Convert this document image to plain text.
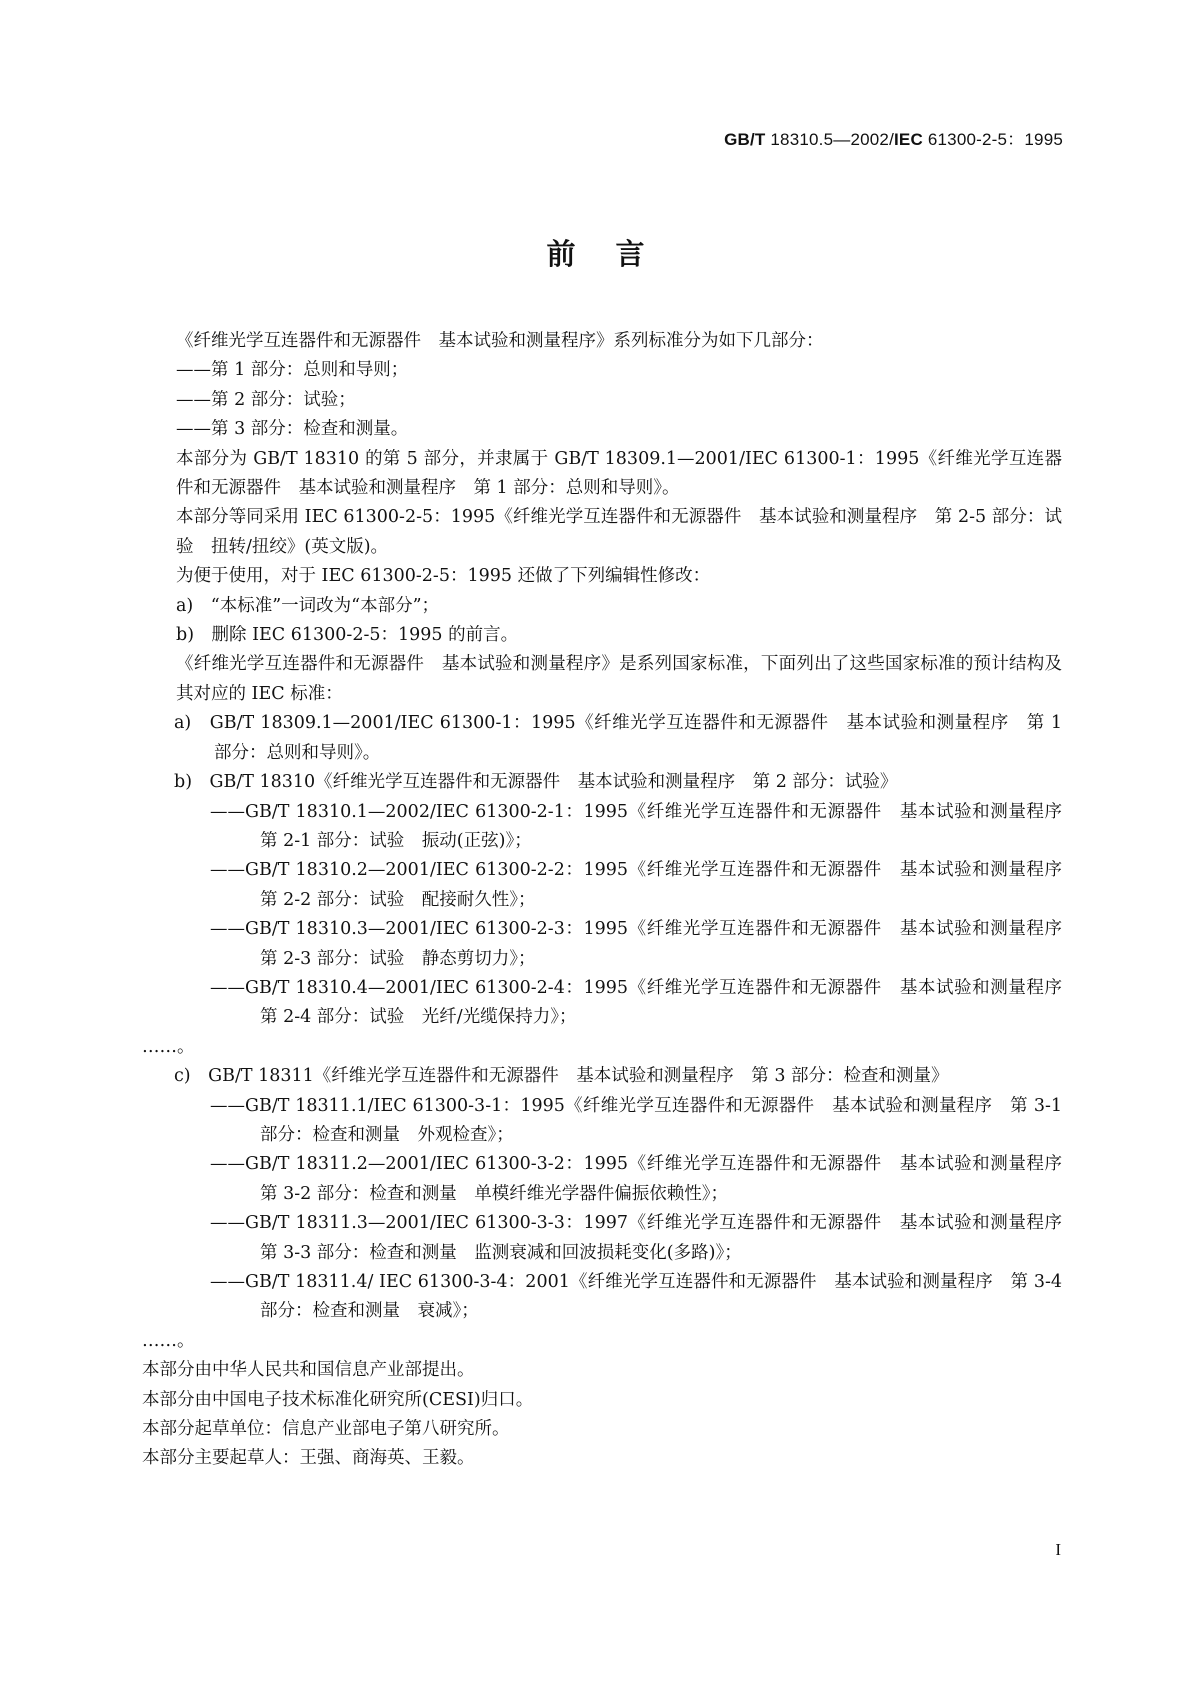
GB/T 18310.5—2002/IEC 61300-2-5：1995
前言
《纤维光学互连器件和无源器件　基本试验和测量程序》系列标准分为如下几部分：
——第 1 部分：总则和导则；
——第 2 部分：试验；
——第 3 部分：检查和测量。
本部分为 GB/T 18310 的第 5 部分，并隶属于 GB/T 18309.1—2001/IEC 61300-1：1995《纤维光学互连器件和无源器件　基本试验和测量程序　第 1 部分：总则和导则》。
本部分等同采用 IEC 61300-2-5：1995《纤维光学互连器件和无源器件　基本试验和测量程序　第 2-5 部分：试验　扭转/扭绞》(英文版)。
为便于使用，对于 IEC 61300-2-5：1995 还做了下列编辑性修改：
a)　“本标准”一词改为“本部分”；
b)　删除 IEC 61300-2-5：1995 的前言。
《纤维光学互连器件和无源器件　基本试验和测量程序》是系列国家标准，下面列出了这些国家标准的预计结构及其对应的 IEC 标准：
a)　GB/T 18309.1—2001/IEC 61300-1：1995《纤维光学互连器件和无源器件　基本试验和测量程序　第 1 部分：总则和导则》。
b)　GB/T 18310《纤维光学互连器件和无源器件　基本试验和测量程序　第 2 部分：试验》
——GB/T 18310.1—2002/IEC 61300-2-1：1995《纤维光学互连器件和无源器件　基本试验和测量程序　第 2-1 部分：试验　振动(正弦)》；
——GB/T 18310.2—2001/IEC 61300-2-2：1995《纤维光学互连器件和无源器件　基本试验和测量程序　第 2-2 部分：试验　配接耐久性》；
——GB/T 18310.3—2001/IEC 61300-2-3：1995《纤维光学互连器件和无源器件　基本试验和测量程序　第 2-3 部分：试验　静态剪切力》；
——GB/T 18310.4—2001/IEC 61300-2-4：1995《纤维光学互连器件和无源器件　基本试验和测量程序　第 2-4 部分：试验　光纤/光缆保持力》；
……。
c)　GB/T 18311《纤维光学互连器件和无源器件　基本试验和测量程序　第 3 部分：检查和测量》
——GB/T 18311.1/IEC 61300-3-1：1995《纤维光学互连器件和无源器件　基本试验和测量程序　第 3-1 部分：检查和测量　外观检查》；
——GB/T 18311.2—2001/IEC 61300-3-2：1995《纤维光学互连器件和无源器件　基本试验和测量程序　第 3-2 部分：检查和测量　单模纤维光学器件偏振依赖性》；
——GB/T 18311.3—2001/IEC 61300-3-3：1997《纤维光学互连器件和无源器件　基本试验和测量程序　第 3-3 部分：检查和测量　监测衰减和回波损耗变化(多路)》；
——GB/T 18311.4/ IEC 61300-3-4：2001《纤维光学互连器件和无源器件　基本试验和测量程序　第 3-4 部分：检查和测量　衰减》；
……。
本部分由中华人民共和国信息产业部提出。
本部分由中国电子技术标准化研究所(CESI)归口。
本部分起草单位：信息产业部电子第八研究所。
本部分主要起草人：王强、商海英、王毅。
I
